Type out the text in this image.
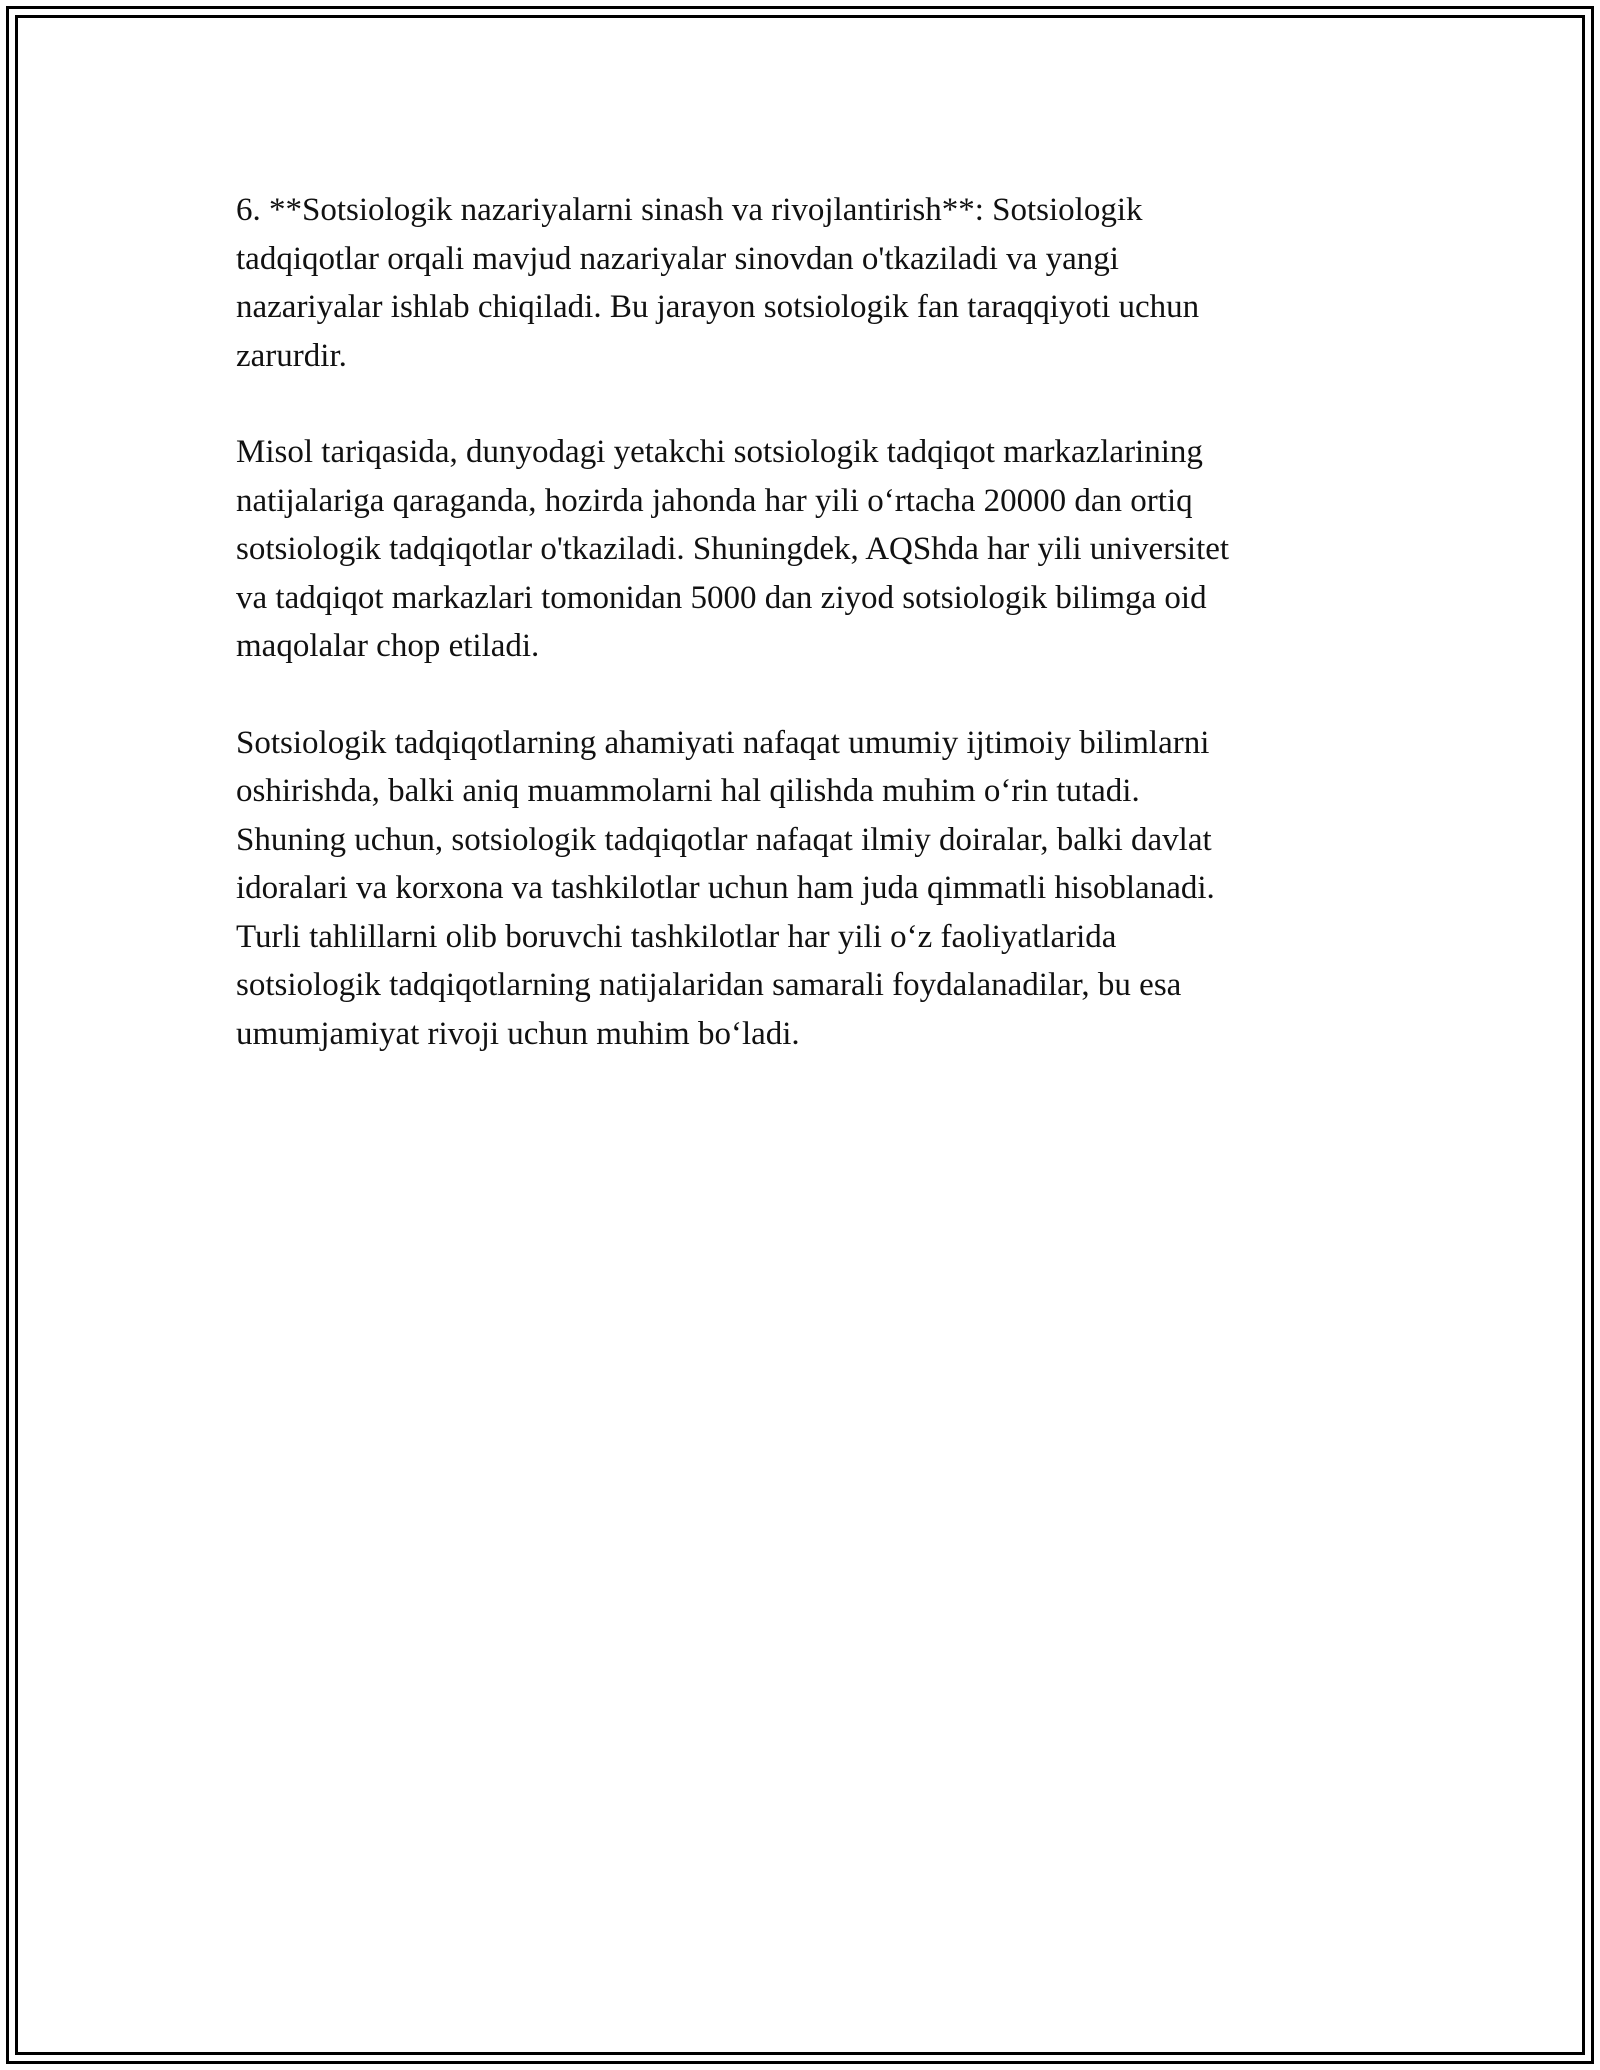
6. **Sotsiologik nazariyalarni sinash va rivojlantirish**: Sotsiologik
tadqiqotlar orqali mavjud nazariyalar sinovdan o'tkaziladi va yangi
nazariyalar ishlab chiqiladi. Bu jarayon sotsiologik fan taraqqiyoti uchun
zarurdir.

Misol tariqasida, dunyodagi yetakchi sotsiologik tadqiqot markazlarining
natijalariga qaraganda, hozirda jahonda har yili o‘rtacha 20000 dan ortiq
sotsiologik tadqiqotlar o'tkaziladi. Shuningdek, AQShda har yili universitet
va tadqiqot markazlari tomonidan 5000 dan ziyod sotsiologik bilimga oid
maqolalar chop etiladi.

Sotsiologik tadqiqotlarning ahamiyati nafaqat umumiy ijtimoiy bilimlarni
oshirishda, balki aniq muammolarni hal qilishda muhim o‘rin tutadi.
Shuning uchun, sotsiologik tadqiqotlar nafaqat ilmiy doiralar, balki davlat
idoralari va korxona va tashkilotlar uchun ham juda qimmatli hisoblanadi.
Turli tahlillarni olib boruvchi tashkilotlar har yili o‘z faoliyatlarida
sotsiologik tadqiqotlarning natijalaridan samarali foydalanadilar, bu esa
umumjamiyat rivoji uchun muhim bo‘ladi.
